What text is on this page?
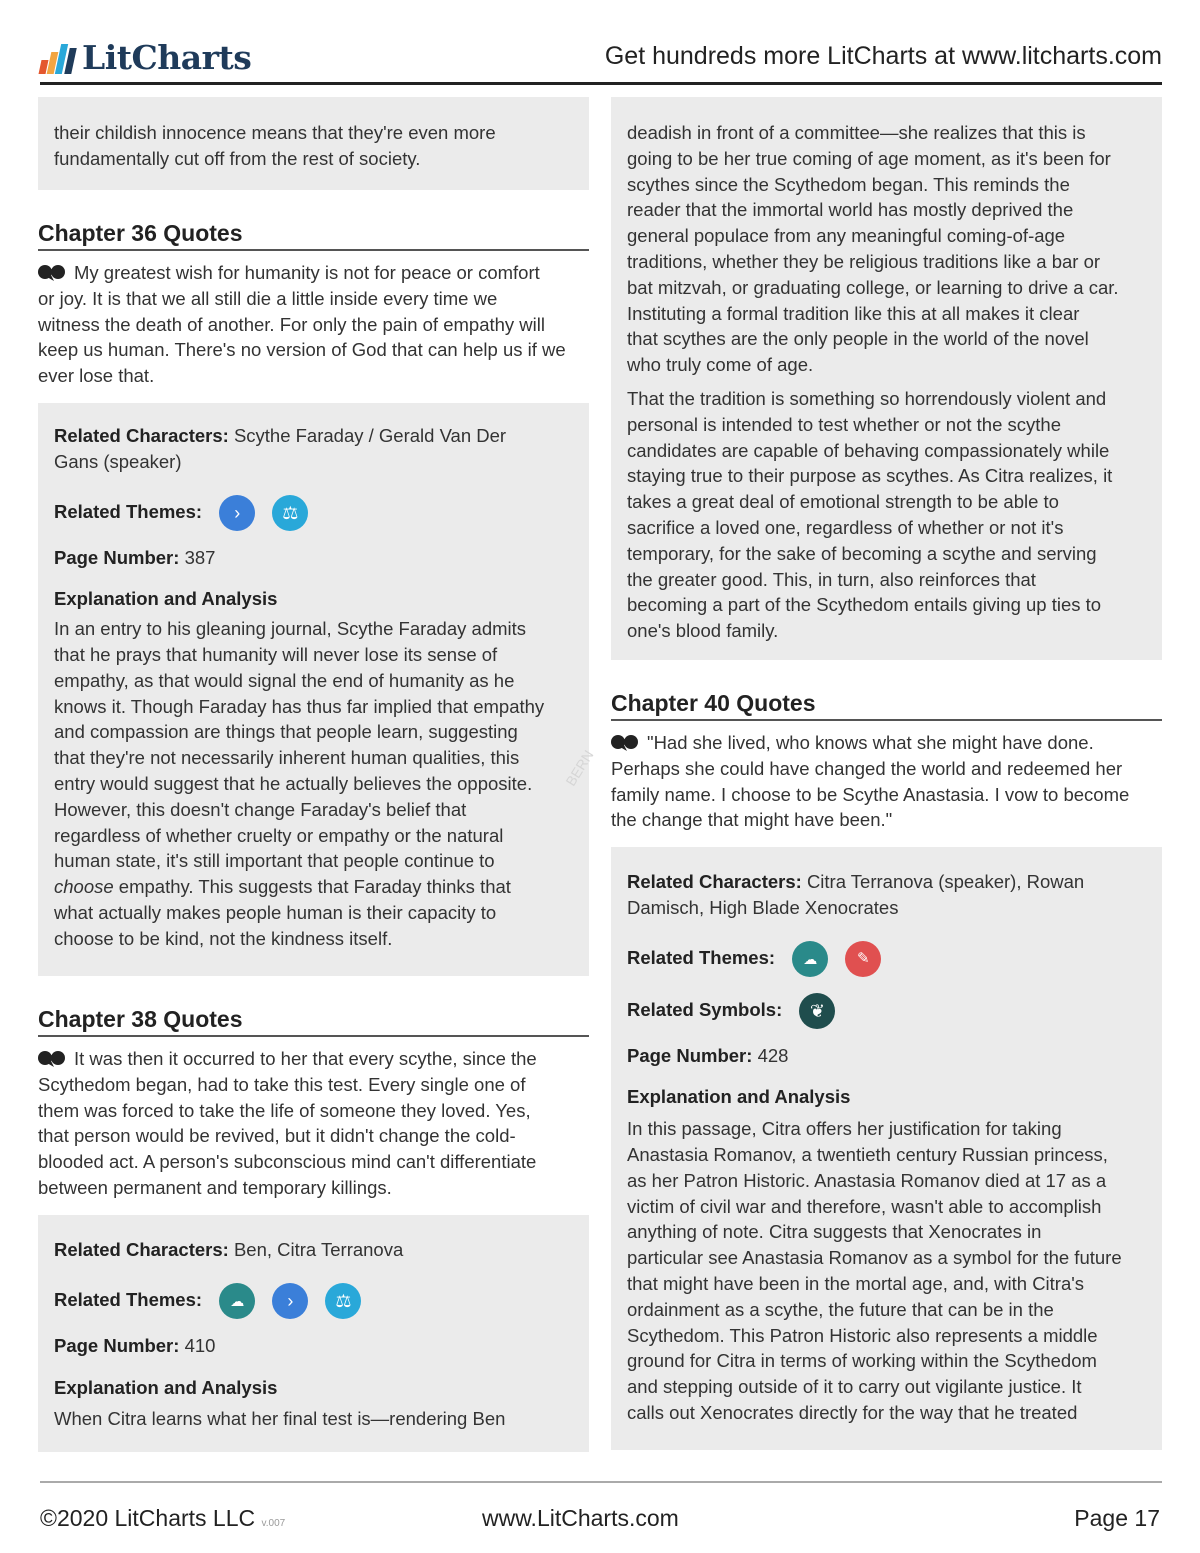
LitCharts	Get hundreds more LitCharts at www.litcharts.com

their childish innocence means that they're even more

fundamentally cut off from the rest of society.

Chapter 36 Quotes

My greatest wish for humanity is not for peace or comfort

or joy. It is that we all still die a little inside every time we

witness the death of another. For only the pain of empathy will

keep us human. There's no version of God that can help us if we

ever lose that.

Related Characters: Scythe Faraday / Gerald Van Der
Gans (speaker)
Related Themes: › ⚖
Page Number: 387
Explanation and Analysis

In an entry to his gleaning journal, Scythe Faraday admits

that he prays that humanity will never lose its sense of

empathy, as that would signal the end of humanity as he

knows it. Though Faraday has thus far implied that empathy

and compassion are things that people learn, suggesting

that they're not necessarily inherent human qualities, this

entry would suggest that he actually believes the opposite.

However, this doesn't change Faraday's belief that

regardless of whether cruelty or empathy or the natural

human state, it's still important that people continue to

choose empathy. This suggests that Faraday thinks that

what actually makes people human is their capacity to

choose to be kind, not the kindness itself.

Chapter 38 Quotes

It was then it occurred to her that every scythe, since the

Scythedom began, had to take this test. Every single one of

them was forced to take the life of someone they loved. Yes,

that person would be revived, but it didn't change the cold-

blooded act. A person's subconscious mind can't differentiate

between permanent and temporary killings.

Related Characters: Ben, Citra Terranova
Related Themes: ☁ › ⚖
Page Number: 410
Explanation and Analysis

When Citra learns what her final test is—rendering Ben

deadish in front of a committee—she realizes that this is

going to be her true coming of age moment, as it's been for

scythes since the Scythedom began. This reminds the

reader that the immortal world has mostly deprived the

general populace from any meaningful coming-of-age

traditions, whether they be religious traditions like a bar or

bat mitzvah, or graduating college, or learning to drive a car.

Instituting a formal tradition like this at all makes it clear

that scythes are the only people in the world of the novel

who truly come of age.

That the tradition is something so horrendously violent and

personal is intended to test whether or not the scythe

candidates are capable of behaving compassionately while

staying true to their purpose as scythes. As Citra realizes, it

takes a great deal of emotional strength to be able to

sacrifice a loved one, regardless of whether or not it's

temporary, for the sake of becoming a scythe and serving

the greater good. This, in turn, also reinforces that

becoming a part of the Scythedom entails giving up ties to

one's blood family.

Chapter 40 Quotes

"Had she lived, who knows what she might have done.

Perhaps she could have changed the world and redeemed her

family name. I choose to be Scythe Anastasia. I vow to become

the change that might have been."

Related Characters: Citra Terranova (speaker), Rowan
Damisch, High Blade Xenocrates
Related Themes: ☁	✎
Related Symbols: ❦
Page Number: 428
Explanation and Analysis

In this passage, Citra offers her justification for taking

Anastasia Romanov, a twentieth century Russian princess,

as her Patron Historic. Anastasia Romanov died at 17 as a

victim of civil war and therefore, wasn't able to accomplish

anything of note. Citra suggests that Xenocrates in

particular see Anastasia Romanov as a symbol for the future

that might have been in the mortal age, and, with Citra's

ordainment as a scythe, the future that can be in the

Scythedom. This Patron Historic also represents a middle

ground for Citra in terms of working within the Scythedom

and stepping outside of it to carry out vigilante justice. It

calls out Xenocrates directly for the way that he treated

BERN
©2020 LitCharts LLC v.007	www.LitCharts.com	Page 17
